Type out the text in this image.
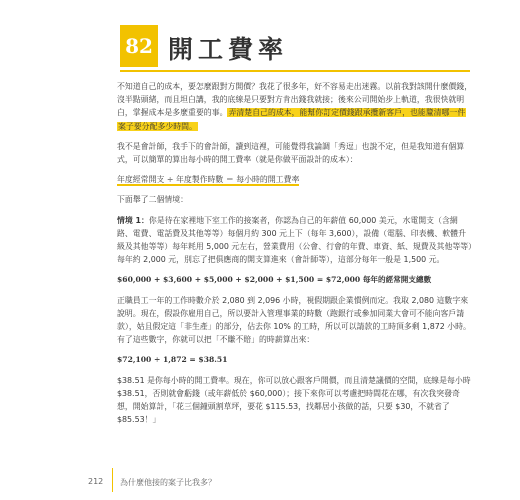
82 開工費率

不知道自己的成本，要怎麼跟對方開價？我花了很多年，好不容易走出迷霧。以前我對該開什麼價錢，沒半點頭緒，而且坦白講，我的底線是只要對方肯出錢我就接；後來公司開始步上軌道，我很快就明白，掌握成本是多麼重要的事。弄清楚自己的成本，能幫你訂定價錢跟承攬新客戶，也能釐清哪一件案子要分配多少時間。

我不是會計師，我手下的會計師，讀到這裡，可能覺得我論調「秀逗」也說不定，但是我知道有個算式，可以簡單的算出每小時的開工費率（就是你做平面設計的成本）：

年度經常開支 ÷ 年度製作時數 ＝ 每小時的開工費率

下面舉了二個情境：

情境 1：你是待在家裡地下室工作的接案者，你認為自己的年薪值 60,000 美元，水電開支（含網路、電費、電話費及其他等等）每個月約 300 元上下（每年 3,600），設備（電腦、印表機、軟體升級及其他等等）每年耗用 5,000 元左右，營業費用（公會、行會的年費、車資、紙、規費及其他等等）每年約 2,000 元，別忘了把俱應商的開支算進來（會計師等），這部分每年一般是 1,500 元。

$60,000 + $3,600 + $5,000 + $2,000 + $1,500 = $72,000 每年的經常開支總數

正職員工一年的工作時數介於 2,080 到 2,096 小時，視假期跟企業慣例而定。我取 2,080 這數字來說明。現在，假設你雇用自己，所以要計入管理事業的時數（跑銀行或參加同業大會可不能向客戶請款），姑且假定這「非生產」的部分，佔去你 10% 的工時，所以可以請款的工時頂多剩 1,872 小時。有了這些數字，你就可以把「不賺不賠」的時薪算出來：

$72,100 ÷ 1,872 = $38.51

$38.51 是你每小時的開工費率。現在，你可以放心跟客戶開價，而且清楚議價的空間，底線是每小時 $38.51，否則就會虧錢（或年薪低於 $60,000）；接下來你可以考慮把時間花在哪，有次我突發奇想，開始算計，「花三個鐘頭割草坪，要花 $115.53，找鄰居小孩做的話，只要 $30，不就省了 $85.53！」

212 為什麼他接的案子比我多？
